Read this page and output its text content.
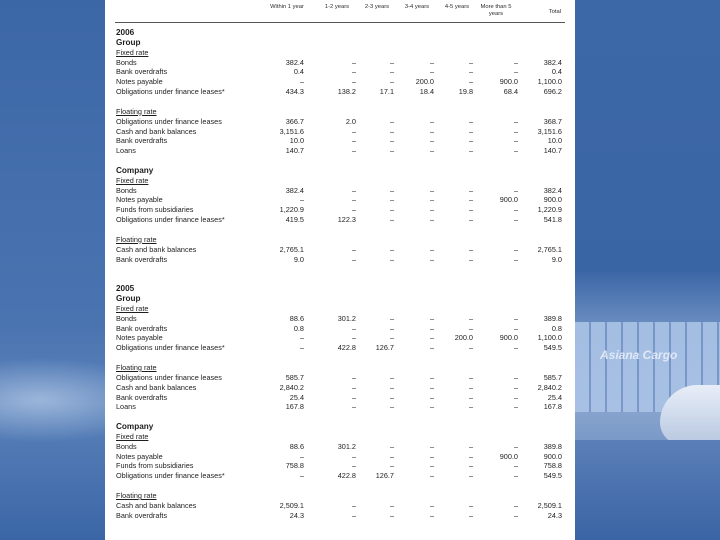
Asiana Cargo
Within 1 year	1-2 years	2-3 years	3-4 years	4-5 years	More than 5 years	Total
2006
Group
Fixed rate
Bonds	382.4	–	–	–	–	–	382.4
Bank overdrafts	0.4	–	–	–	–	–	0.4
Notes payable	–	–	–	200.0	–	900.0	1,100.0
Obligations under finance leases*	434.3	138.2	17.1	18.4	19.8	68.4	696.2
Floating rate
Obligations under finance leases	366.7	2.0	–	–	–	–	368.7
Cash and bank balances	3,151.6	–	–	–	–	–	3,151.6
Bank overdrafts	10.0	–	–	–	–	–	10.0
Loans	140.7	–	–	–	–	–	140.7
Company
Fixed rate
Bonds	382.4	–	–	–	–	–	382.4
Notes payable	–	–	–	–	–	900.0	900.0
Funds from subsidiaries	1,220.9	–	–	–	–	–	1,220.9
Obligations under finance leases*	419.5	122.3	–	–	–	–	541.8
Floating rate
Cash and bank balances	2,765.1	–	–	–	–	–	2,765.1
Bank overdrafts	9.0	–	–	–	–	–	9.0
2005
Group
Fixed rate
Bonds	88.6	301.2	–	–	–	–	389.8
Bank overdrafts	0.8	–	–	–	–	–	0.8
Notes payable	–	–	–	–	200.0	900.0	1,100.0
Obligations under finance leases*	–	422.8	126.7	–	–	–	549.5
Floating rate
Obligations under finance leases	585.7	–	–	–	–	–	585.7
Cash and bank balances	2,840.2	–	–	–	–	–	2,840.2
Bank overdrafts	25.4	–	–	–	–	–	25.4
Loans	167.8	–	–	–	–	–	167.8
Company
Fixed rate
Bonds	88.6	301.2	–	–	–	–	389.8
Notes payable	–	–	–	–	–	900.0	900.0
Funds from subsidiaries	758.8	–	–	–	–	–	758.8
Obligations under finance leases*	–	422.8	126.7	–	–	–	549.5
Floating rate
Cash and bank balances	2,509.1	–	–	–	–	–	2,509.1
Bank overdrafts	24.3	–	–	–	–	–	24.3
